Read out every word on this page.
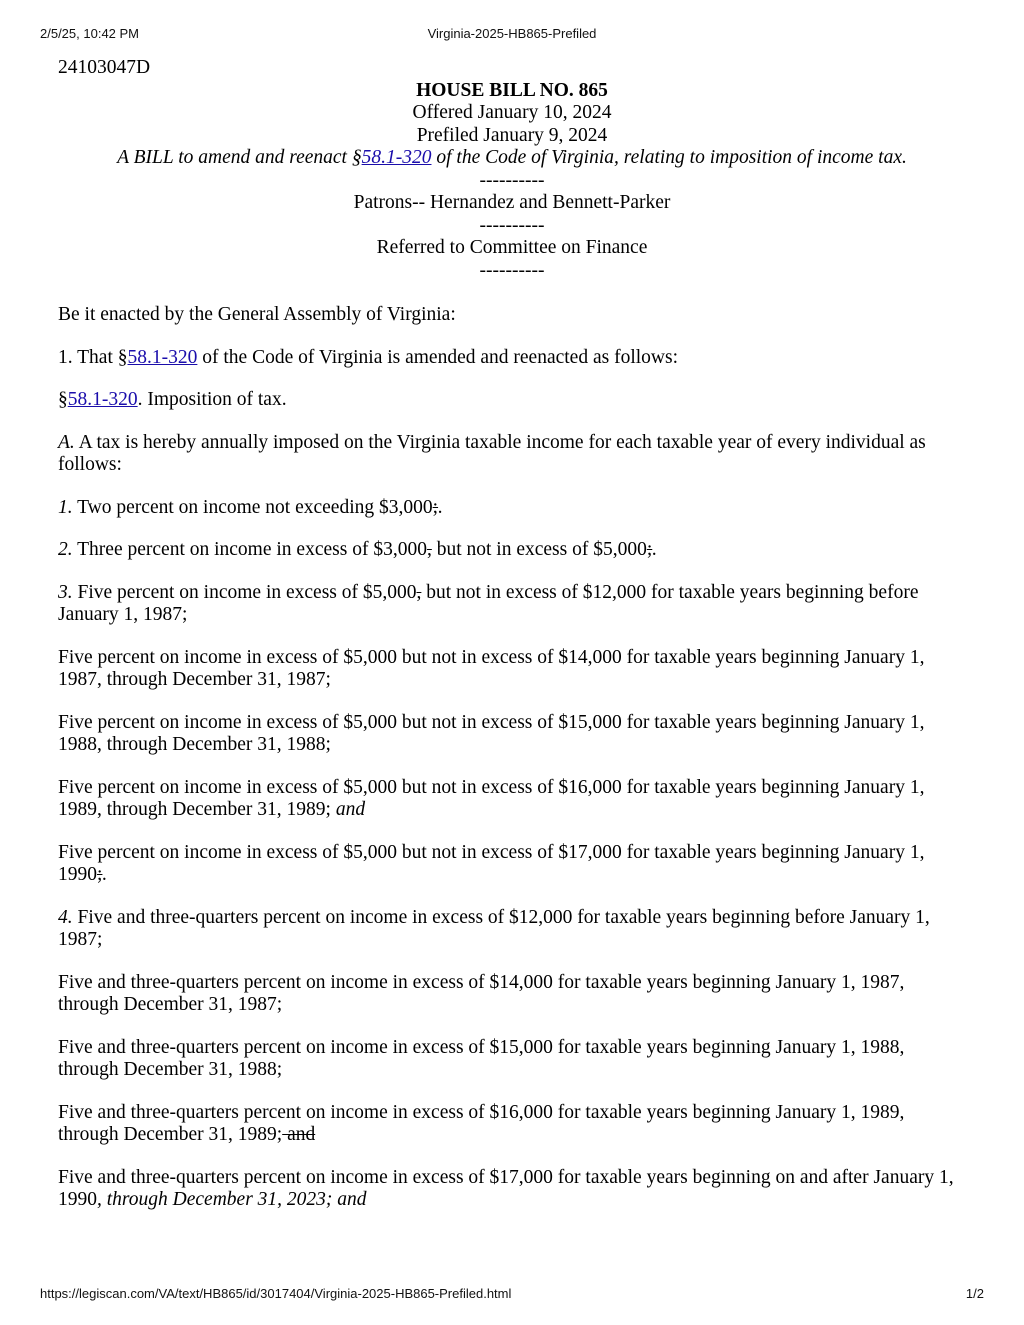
2/5/25, 10:42 PM	Virginia-2025-HB865-Prefiled
24103047D
HOUSE BILL NO. 865
Offered January 10, 2024
Prefiled January 9, 2024
A BILL to amend and reenact §58.1-320 of the Code of Virginia, relating to imposition of income tax.
----------
Patrons-- Hernandez and Bennett-Parker
----------
Referred to Committee on Finance
----------

Be it enacted by the General Assembly of Virginia:

1. That §58.1-320 of the Code of Virginia is amended and reenacted as follows:

§58.1-320. Imposition of tax.

A. A tax is hereby annually imposed on the Virginia taxable income for each taxable year of every individual as follows:

1. Two percent on income not exceeding $3,000;.

2. Three percent on income in excess of $3,000, but not in excess of $5,000;.

3. Five percent on income in excess of $5,000, but not in excess of $12,000 for taxable years beginning before January 1, 1987;

Five percent on income in excess of $5,000 but not in excess of $14,000 for taxable years beginning January 1, 1987, through December 31, 1987;

Five percent on income in excess of $5,000 but not in excess of $15,000 for taxable years beginning January 1, 1988, through December 31, 1988;

Five percent on income in excess of $5,000 but not in excess of $16,000 for taxable years beginning January 1, 1989, through December 31, 1989; and

Five percent on income in excess of $5,000 but not in excess of $17,000 for taxable years beginning January 1, 1990;.

4. Five and three-quarters percent on income in excess of $12,000 for taxable years beginning before January 1, 1987;

Five and three-quarters percent on income in excess of $14,000 for taxable years beginning January 1, 1987, through December 31, 1987;

Five and three-quarters percent on income in excess of $15,000 for taxable years beginning January 1, 1988, through December 31, 1988;

Five and three-quarters percent on income in excess of $16,000 for taxable years beginning January 1, 1989, through December 31, 1989; and

Five and three-quarters percent on income in excess of $17,000 for taxable years beginning on and after January 1, 1990, through December 31, 2023; and

https://legiscan.com/VA/text/HB865/id/3017404/Virginia-2025-HB865-Prefiled.html	1/2
